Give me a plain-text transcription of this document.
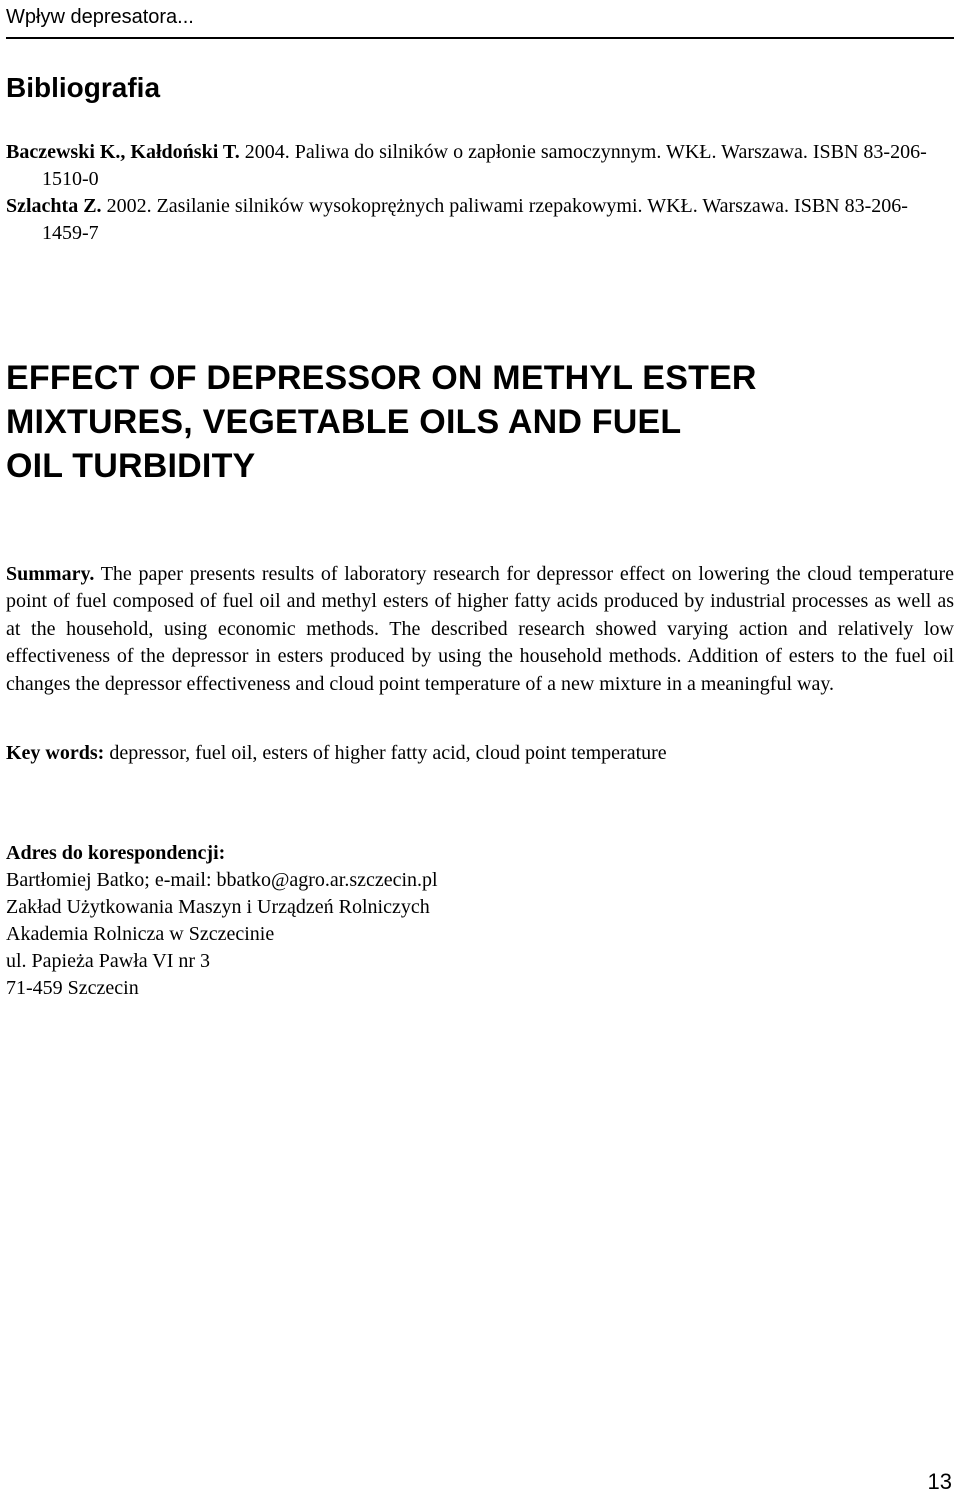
Wpływ depresatora...
Bibliografia
Baczewski K., Kałdoński T. 2004. Paliwa do silników o zapłonie samoczynnym. WKŁ. Warszawa. ISBN 83-206-1510-0
Szlachta Z. 2002. Zasilanie silników wysokoprężnych paliwami rzepakowymi. WKŁ. Warszawa. ISBN 83-206-1459-7
EFFECT OF DEPRESSOR ON METHYL ESTER
MIXTURES, VEGETABLE OILS AND FUEL
OIL TURBIDITY

Summary. The paper presents results of laboratory research for depressor effect on lowering the cloud temperature point of fuel composed of fuel oil and methyl esters of higher fatty acids produced by industrial processes as well as at the household, using economic methods. The described research showed varying action and relatively low effectiveness of the depressor in esters produced by using the household methods. Addition of esters to the fuel oil changes the depressor effectiveness and cloud point temperature of a new mixture in a meaningful way.

Key words: depressor, fuel oil, esters of higher fatty acid, cloud point temperature

Adres do korespondencji:
Bartłomiej Batko; e-mail: bbatko@agro.ar.szczecin.pl
Zakład Użytkowania Maszyn i Urządzeń Rolniczych
Akademia Rolnicza w Szczecinie
ul. Papieża Pawła VI nr 3
71-459 Szczecin
13
